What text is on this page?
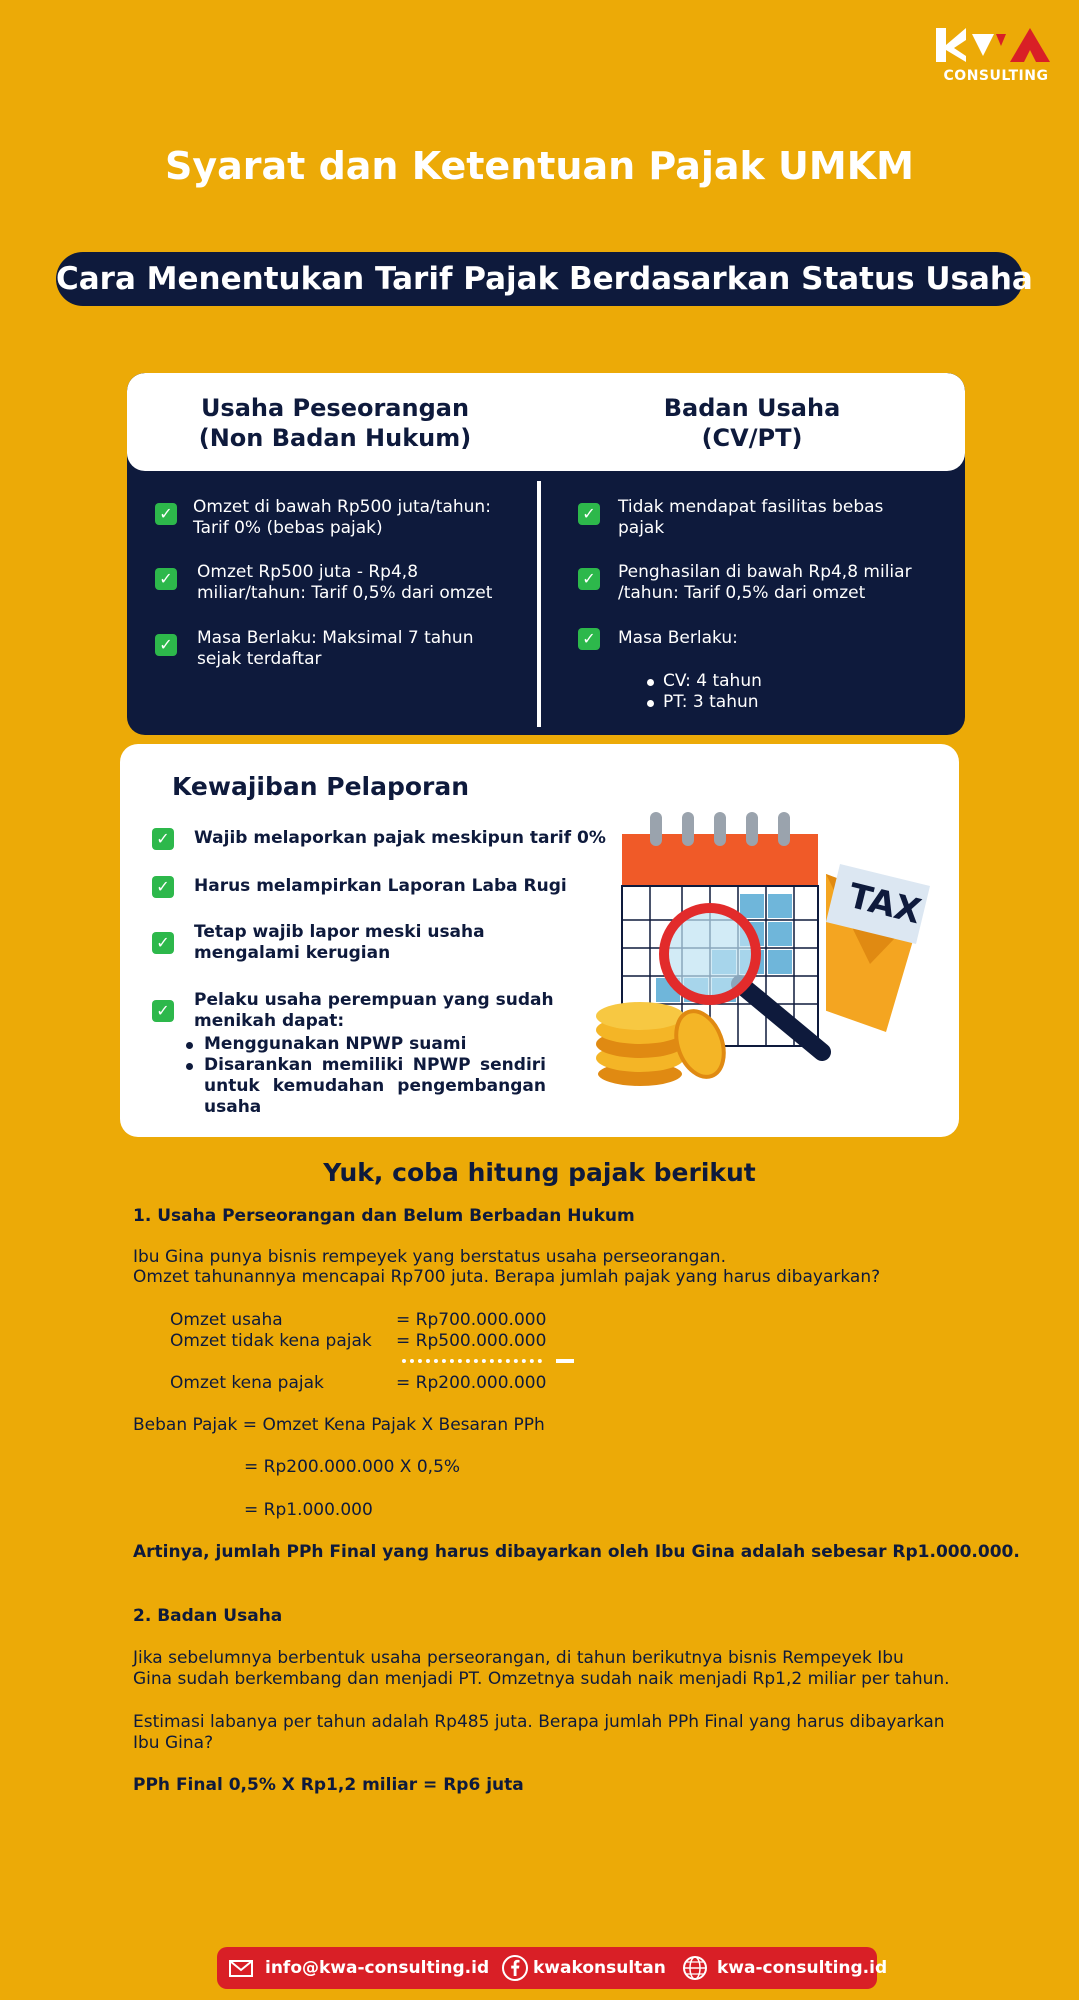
CONSULTING
Syarat dan Ketentuan Pajak UMKM
Cara Menentukan Tarif Pajak Berdasarkan Status Usaha
Usaha Peseorangan
(Non Badan Hukum)
Badan Usaha
(CV/PT)
✓ Omzet di bawah Rp500 juta/tahun: Tarif 0% (bebas pajak)
✓ Omzet Rp500 juta - Rp4,8 miliar/tahun: Tarif 0,5% dari omzet
✓ Masa Berlaku: Maksimal 7 tahun sejak terdaftar
✓ Tidak mendapat fasilitas bebas pajak
✓ Penghasilan di bawah Rp4,8 miliar /tahun: Tarif 0,5% dari omzet
✓ Masa Berlaku:
CV: 4 tahun
PT: 3 tahun
Kewajiban Pelaporan
✓ Wajib melaporkan pajak meskipun tarif 0%
✓ Harus melampirkan Laporan Laba Rugi
✓
Tetap wajib lapor meski usaha mengalami kerugian
✓
Pelaku usaha perempuan yang sudah menikah dapat:
Menggunakan NPWP suami
Disarankan memiliki NPWP sendiri untuk kemudahan pengembangan usaha
TAX
Yuk, coba hitung pajak berikut
1. Usaha Perseorangan dan Belum Berbadan Hukum
Ibu Gina punya bisnis rempeyek yang berstatus usaha perseorangan.
Omzet tahunannya mencapai Rp700 juta. Berapa jumlah pajak yang harus dibayarkan?
Omzet usaha	= Rp700.000.000
Omzet tidak kena pajak = Rp500.000.000
Omzet kena pajak	= Rp200.000.000
Beban Pajak = Omzet Kena Pajak X Besaran PPh
= Rp200.000.000 X 0,5%
= Rp1.000.000
Artinya, jumlah PPh Final yang harus dibayarkan oleh Ibu Gina adalah sebesar Rp1.000.000.
2. Badan Usaha
Jika sebelumnya berbentuk usaha perseorangan, di tahun berikutnya bisnis Rempeyek Ibu
Gina sudah berkembang dan menjadi PT. Omzetnya sudah naik menjadi Rp1,2 miliar per tahun.
Estimasi labanya per tahun adalah Rp485 juta. Berapa jumlah PPh Final yang harus dibayarkan
Ibu Gina?
PPh Final 0,5% X Rp1,2 miliar = Rp6 juta
info@kwa-consulting.id	kwakonsultan	kwa-consulting.id
